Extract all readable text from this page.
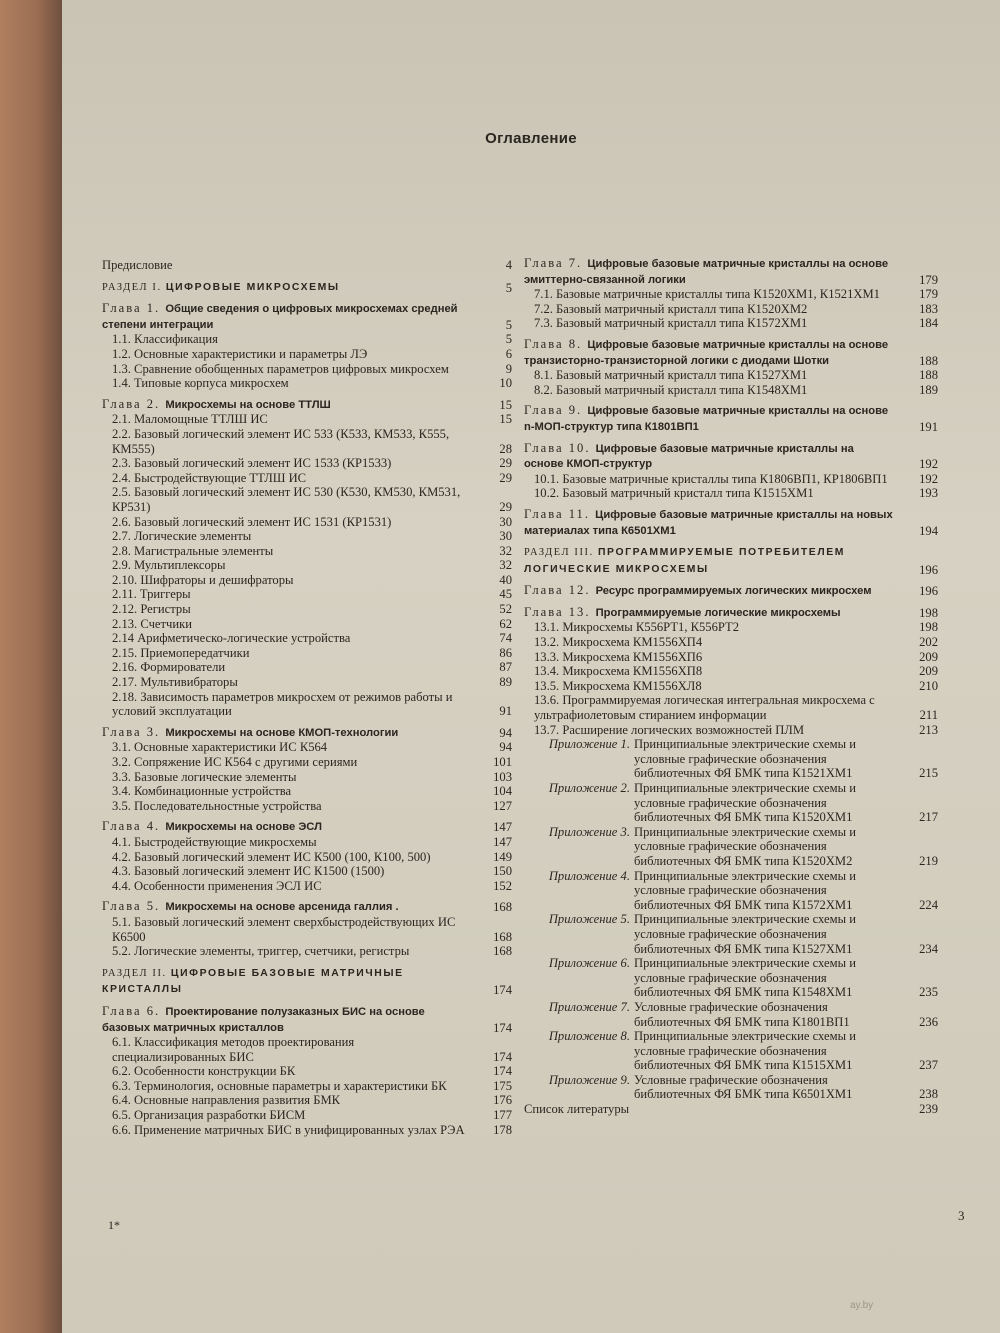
Оглавление
Предисловие	4
РАЗДЕЛ I. ЦИФРОВЫЕ МИКРОСХЕМЫ	5
Глава 1. Общие сведения о цифровых микросхемах средней степени интеграции	5
1.1. Классификация	5
1.2. Основные характеристики и параметры ЛЭ	6
1.3. Сравнение обобщенных параметров цифровых микросхем	9
1.4. Типовые корпуса микросхем	10
Глава 2. Микросхемы на основе ТТЛШ	15
2.1. Маломощные ТТЛШ ИС	15
2.2. Базовый логический элемент ИС 533 (К533, КМ533, К555, КМ555)	28
2.3. Базовый логический элемент ИС 1533 (КР1533)	29
2.4. Быстродействующие ТТЛШ ИС	29
2.5. Базовый логический элемент ИС 530 (К530, КМ530, КМ531, КР531)	29
2.6. Базовый логический элемент ИС 1531 (КР1531)	30
2.7. Логические элементы	30
2.8. Магистральные элементы	32
2.9. Мультиплексоры	32
2.10. Шифраторы и дешифраторы	40
2.11. Триггеры	45
2.12. Регистры	52
2.13. Счетчики	62
2.14 Арифметическо-логические устройства	74
2.15. Приемопередатчики	86
2.16. Формирователи	87
2.17. Мультивибраторы	89
2.18. Зависимость параметров микросхем от режимов работы и условий эксплуатации	91
Глава 3. Микросхемы на основе КМОП-технологии	94
3.1. Основные характеристики ИС К564	94
3.2. Сопряжение ИС К564 с другими сериями	101
3.3. Базовые логические элементы	103
3.4. Комбинационные устройства	104
3.5. Последовательностные устройства	127
Глава 4. Микросхемы на основе ЭСЛ	147
4.1. Быстродействующие микросхемы	147
4.2. Базовый логический элемент ИС К500 (100, К100, 500)	149
4.3. Базовый логический элемент ИС К1500 (1500)	150
4.4. Особенности применения ЭСЛ ИС	152
Глава 5. Микросхемы на основе арсенида галлия .	168
5.1. Базовый логический элемент сверхбыстродействующих ИС К6500	168
5.2. Логические элементы, триггер, счетчики, регистры	168
РАЗДЕЛ II. ЦИФРОВЫЕ БАЗОВЫЕ МАТРИЧНЫЕ КРИСТАЛЛЫ	174
Глава 6. Проектирование полузаказных БИС на основе базовых матричных кристаллов	174
6.1. Классификация методов проектирования специализированных БИС	174
6.2. Особенности конструкции БК	174
6.3. Терминология, основные параметры и характеристики БК	175
6.4. Основные направления развития БМК	176
6.5. Организация разработки БИСМ	177
6.6. Применение матричных БИС в унифицированных узлах РЭА	178
Глава 7. Цифровые базовые матричные кристаллы на основе эмиттерно-связанной логики	179
7.1. Базовые матричные кристаллы типа К1520ХМ1, К1521ХМ1	179
7.2. Базовый матричный кристалл типа К1520ХМ2	183
7.3. Базовый матричный кристалл типа К1572ХМ1	184
Глава 8. Цифровые базовые матричные кристаллы на основе транзисторно-транзисторной логики с диодами Шотки	188
8.1. Базовый матричный кристалл типа К1527ХМ1	188
8.2. Базовый матричный кристалл типа К1548ХМ1	189
Глава 9. Цифровые базовые матричные кристаллы на основе n-МОП-структур типа К1801ВП1	191
Глава 10. Цифровые базовые матричные кристаллы на основе КМОП-структур	192
10.1. Базовые матричные кристаллы типа К1806ВП1, КР1806ВП1	192
10.2. Базовый матричный кристалл типа К1515ХМ1	193
Глава 11. Цифровые базовые матричные кристаллы на новых материалах типа К6501ХМ1	194
РАЗДЕЛ III. ПРОГРАММИРУЕМЫЕ ПОТРЕБИТЕЛЕМ ЛОГИЧЕСКИЕ МИКРОСХЕМЫ	196
Глава 12. Ресурс программируемых логических микросхем	196
Глава 13. Программируемые логические микросхемы	198
13.1. Микросхемы К556РТ1, К556РТ2	198
13.2. Микросхема КМ1556ХП4	202
13.3. Микросхема КМ1556ХП6	209
13.4. Микросхема КМ1556ХП8	209
13.5. Микросхема КМ1556ХЛ8	210
13.6. Программируемая логическая интегральная микросхема с ультрафиолетовым стиранием информации	211
13.7. Расширение логических возможностей ПЛМ	213
Приложение 1. Принципиальные электрические схемы и условные графические обозначения библиотечных ФЯ БМК типа К1521ХМ1	215
Приложение 2. Принципиальные электрические схемы и условные графические обозначения библиотечных ФЯ БМК типа К1520ХМ1	217
Приложение 3. Принципиальные электрические схемы и условные графические обозначения библиотечных ФЯ БМК типа К1520ХМ2	219
Приложение 4. Принципиальные электрические схемы и условные графические обозначения библиотечных ФЯ БМК типа К1572ХМ1	224
Приложение 5. Принципиальные электрические схемы и условные графические обозначения библиотечных ФЯ БМК типа К1527ХМ1	234
Приложение 6. Принципиальные электрические схемы и условные графические обозначения библиотечных ФЯ БМК типа К1548ХМ1	235
Приложение 7. Условные графические обозначения библиотечных ФЯ БМК типа К1801ВП1	236
Приложение 8. Принципиальные электрические схемы и условные графические обозначения библиотечных ФЯ БМК типа К1515ХМ1	237
Приложение 9. Условные графические обозначения библиотечных ФЯ БМК типа К6501ХМ1	238
Список литературы	239
1*
3
ay.by
